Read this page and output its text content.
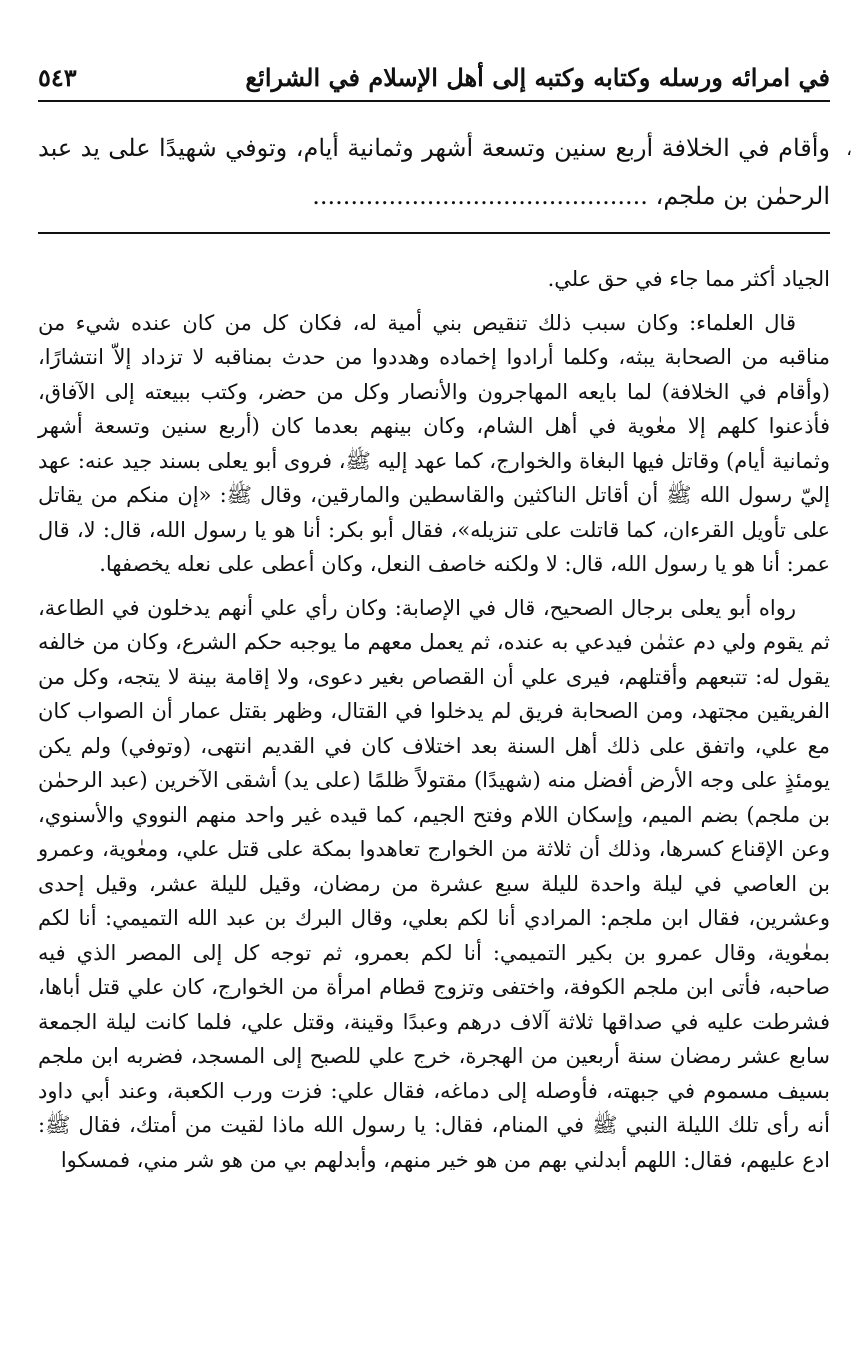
في امرائه ورسله وكتابه وكتبه إلى أهل الإسلام في الشرائع
٥٤٣
،
وأقام في الخلافة أربع سنين وتسعة أشهر وثمانية أيام، وتوفي شهيدًا على يد عبد الرحمٰن بن ملجم، ............................................

الجياد أكثر مما جاء في حق علي.

قال العلماء: وكان سبب ذلك تنقيص بني أمية له، فكان كل من كان عنده شيء من مناقبه من الصحابة يبثه، وكلما أرادوا إخماده وهددوا من حدث بمناقبه لا تزداد إلاّ انتشارًا، (وأقام في الخلافة) لما بايعه المهاجرون والأنصار وكل من حضر، وكتب ببيعته إلى الآفاق، فأذعنوا كلهم إلا معٰوية في أهل الشام، وكان بينهم بعدما كان (أربع سنين وتسعة أشهر وثمانية أيام) وقاتل فيها البغاة والخوارج، كما عهد إليه ﷺ، فروى أبو يعلى بسند جيد عنه: عهد إليّ رسول الله ﷺ أن أقاتل الناكثين والقاسطين والمارقين، وقال ﷺ: «إن منكم من يقاتل على تأويل القرءان، كما قاتلت على تنزيله»، فقال أبو بكر: أنا هو يا رسول الله، قال: لا، قال عمر: أنا هو يا رسول الله، قال: لا ولكنه خاصف النعل، وكان أعطى على نعله يخصفها.

رواه أبو يعلى برجال الصحيح، قال في الإصابة: وكان رأي علي أنهم يدخلون في الطاعة، ثم يقوم ولي دم عثمٰن فيدعي به عنده، ثم يعمل معهم ما يوجبه حكم الشرع، وكان من خالفه يقول له: تتبعهم وأقتلهم، فيرى علي أن القصاص بغير دعوى، ولا إقامة بينة لا يتجه، وكل من الفريقين مجتهد، ومن الصحابة فريق لم يدخلوا في القتال، وظهر بقتل عمار أن الصواب كان مع علي، واتفق على ذلك أهل السنة بعد اختلاف كان في القديم انتهى، (وتوفي) ولم يكن يومئذٍ على وجه الأرض أفضل منه (شهيدًا) مقتولاً ظلمًا (على يد) أشقى الآخرين (عبد الرحمٰن بن ملجم) بضم الميم، وإسكان اللام وفتح الجيم، كما قيده غير واحد منهم النووي والأسنوي، وعن الإقناع كسرها، وذلك أن ثلاثة من الخوارج تعاهدوا بمكة على قتل علي، ومعٰوية، وعمرو بن العاصي في ليلة واحدة لليلة سبع عشرة من رمضان، وقيل لليلة عشر، وقيل إحدى وعشرين، فقال ابن ملجم: المرادي أنا لكم بعلي، وقال البرك بن عبد الله التميمي: أنا لكم بمعٰوية، وقال عمرو بن بكير التميمي: أنا لكم بعمرو، ثم توجه كل إلى المصر الذي فيه صاحبه، فأتى ابن ملجم الكوفة، واختفى وتزوج قطام امرأة من الخوارج، كان علي قتل أباها، فشرطت عليه في صداقها ثلاثة آلاف درهم وعبدًا وقينة، وقتل علي، فلما كانت ليلة الجمعة سابع عشر رمضان سنة أربعين من الهجرة، خرج علي للصبح إلى المسجد، فضربه ابن ملجم بسيف مسموم في جبهته، فأوصله إلى دماغه، فقال علي: فزت ورب الكعبة، وعند أبي داود أنه رأى تلك الليلة النبي ﷺ في المنام، فقال: يا رسول الله ماذا لقيت من أمتك، فقال ﷺ: ادع عليهم، فقال: اللهم أبدلني بهم من هو خير منهم، وأبدلهم بي من هو شر مني، فمسكوا
